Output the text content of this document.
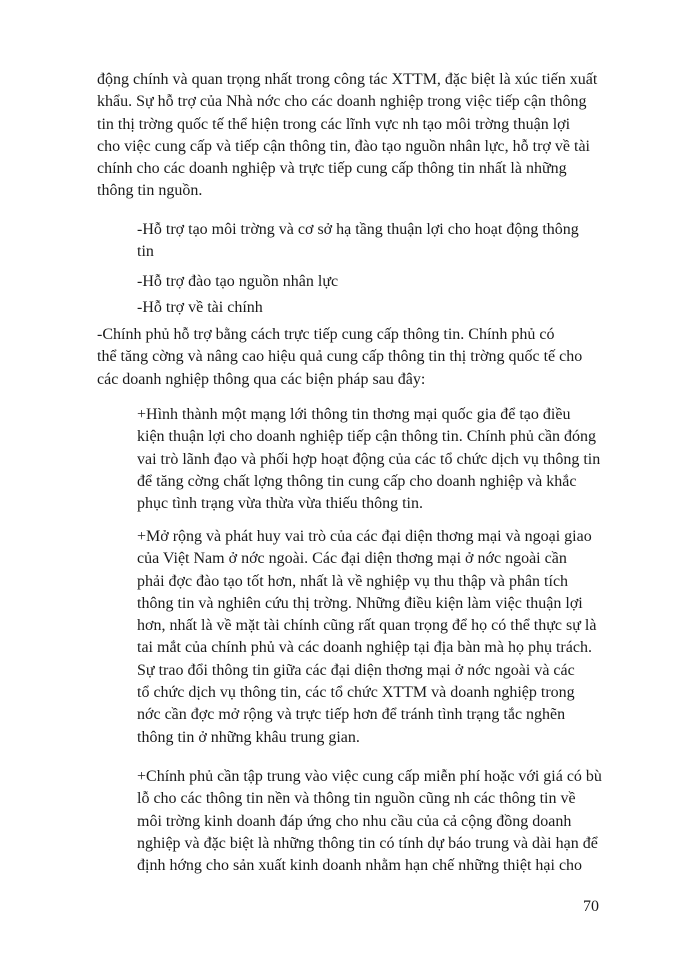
động chính và quan trọng nhất trong công tác XTTM, đặc biệt là xúc tiến xuất
khẩu. Sự hỗ trợ của Nhà nớc cho các doanh nghiệp trong việc tiếp cận thông
tin thị trờng quốc tế thể hiện trong các lĩnh vực nh tạo môi trờng thuận lợi
cho việc cung cấp và tiếp cận thông tin, đào tạo nguồn nhân lực, hỗ trợ về tài
chính cho các doanh nghiệp và trực tiếp cung cấp thông tin nhất là những
thông tin nguồn.
-Hỗ trợ tạo môi trờng và cơ sở hạ tầng thuận lợi cho hoạt động thông
tin
-Hỗ trợ đào tạo nguồn nhân lực
-Hỗ trợ về tài chính
-Chính phủ hỗ trợ bằng cách trực tiếp cung cấp thông tin. Chính phủ có
thể tăng cờng và nâng cao hiệu quả cung cấp thông tin thị trờng quốc tế cho
các doanh nghiệp thông qua các biện pháp sau đây:
+Hình thành một mạng lới thông tin thơng mại quốc gia để tạo điều
kiện thuận lợi cho doanh nghiệp tiếp cận thông tin. Chính phủ cần đóng
vai trò lãnh đạo và phối hợp hoạt động của các tổ chức dịch vụ thông tin
để tăng cờng chất lợng thông tin cung cấp cho doanh nghiệp và khắc
phục tình trạng vừa thừa vừa thiếu thông tin.
+Mở rộng và phát huy vai trò của các đại diện thơng mại và ngoại giao
của Việt Nam ở nớc ngoài. Các đại diện thơng mại ở nớc ngoài cần
phải đợc đào tạo tốt hơn, nhất là về nghiệp vụ thu thập và phân tích
thông tin và nghiên cứu thị trờng. Những điều kiện làm việc thuận lợi
hơn, nhất là về mặt tài chính cũng rất quan trọng để họ có thể thực sự là
tai mắt của chính phủ và các doanh nghiệp tại địa bàn mà họ phụ trách.
Sự trao đổi thông tin giữa các đại diện thơng mại ở nớc ngoài và các
tổ chức dịch vụ thông tin, các tổ chức XTTM và doanh nghiệp trong
nớc cần đợc mở rộng và trực tiếp hơn để tránh tình trạng tắc nghẽn
thông tin ở những khâu trung gian.
+Chính phủ cần tập trung vào việc cung cấp miễn phí hoặc với giá có bù
lỗ cho các thông tin nền và thông tin nguồn cũng nh các thông tin về
môi trờng kinh doanh đáp ứng cho nhu cầu của cả cộng đồng doanh
nghiệp và đặc biệt là những thông tin có tính dự báo trung và dài hạn để
định hớng cho sản xuất kinh doanh nhằm hạn chế những thiệt hại cho
70
